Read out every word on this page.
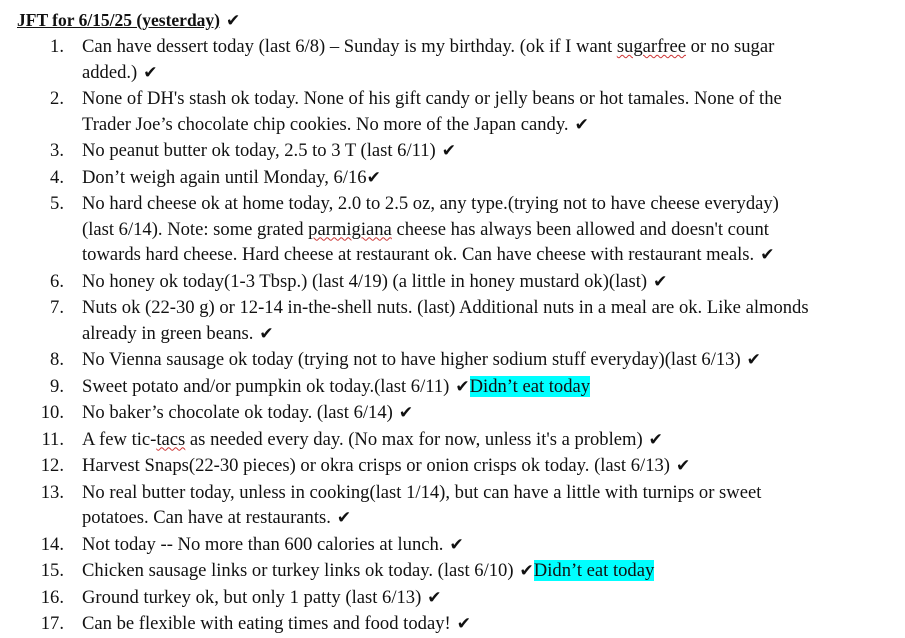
JFT for 6/15/25 (yesterday) ✔
1. Can have dessert today (last 6/8) – Sunday is my birthday. (ok if I want sugarfree or no sugar
added.) ✔
2. None of DH's stash ok today. None of his gift candy or jelly beans or hot tamales. None of the
Trader Joe’s chocolate chip cookies. No more of the Japan candy. ✔
3. No peanut butter ok today, 2.5 to 3 T (last 6/11) ✔
4. Don’t weigh again until Monday, 6/16✔
5. No hard cheese ok at home today, 2.0 to 2.5 oz, any type.(trying not to have cheese everyday)
(last 6/14). Note: some grated parmigiana cheese has always been allowed and doesn't count
towards hard cheese. Hard cheese at restaurant ok. Can have cheese with restaurant meals. ✔
6. No honey ok today(1-3 Tbsp.) (last 4/19) (a little in honey mustard ok)(last) ✔
7. Nuts ok (22-30 g) or 12-14 in-the-shell nuts. (last) Additional nuts in a meal are ok. Like almonds
already in green beans. ✔
8. No Vienna sausage ok today (trying not to have higher sodium stuff everyday)(last 6/13) ✔
9. Sweet potato and/or pumpkin ok today.(last 6/11) ✔Didn’t eat today
10. No baker’s chocolate ok today. (last 6/14) ✔
11. A few tic-tacs as needed every day. (No max for now, unless it's a problem) ✔
12. Harvest Snaps(22-30 pieces) or okra crisps or onion crisps ok today. (last 6/13) ✔
13. No real butter today, unless in cooking(last 1/14), but can have a little with turnips or sweet
potatoes. Can have at restaurants. ✔
14. Not today -- No more than 600 calories at lunch. ✔
15. Chicken sausage links or turkey links ok today. (last 6/10) ✔Didn’t eat today
16. Ground turkey ok, but only 1 patty (last 6/13) ✔
17. Can be flexible with eating times and food today! ✔
